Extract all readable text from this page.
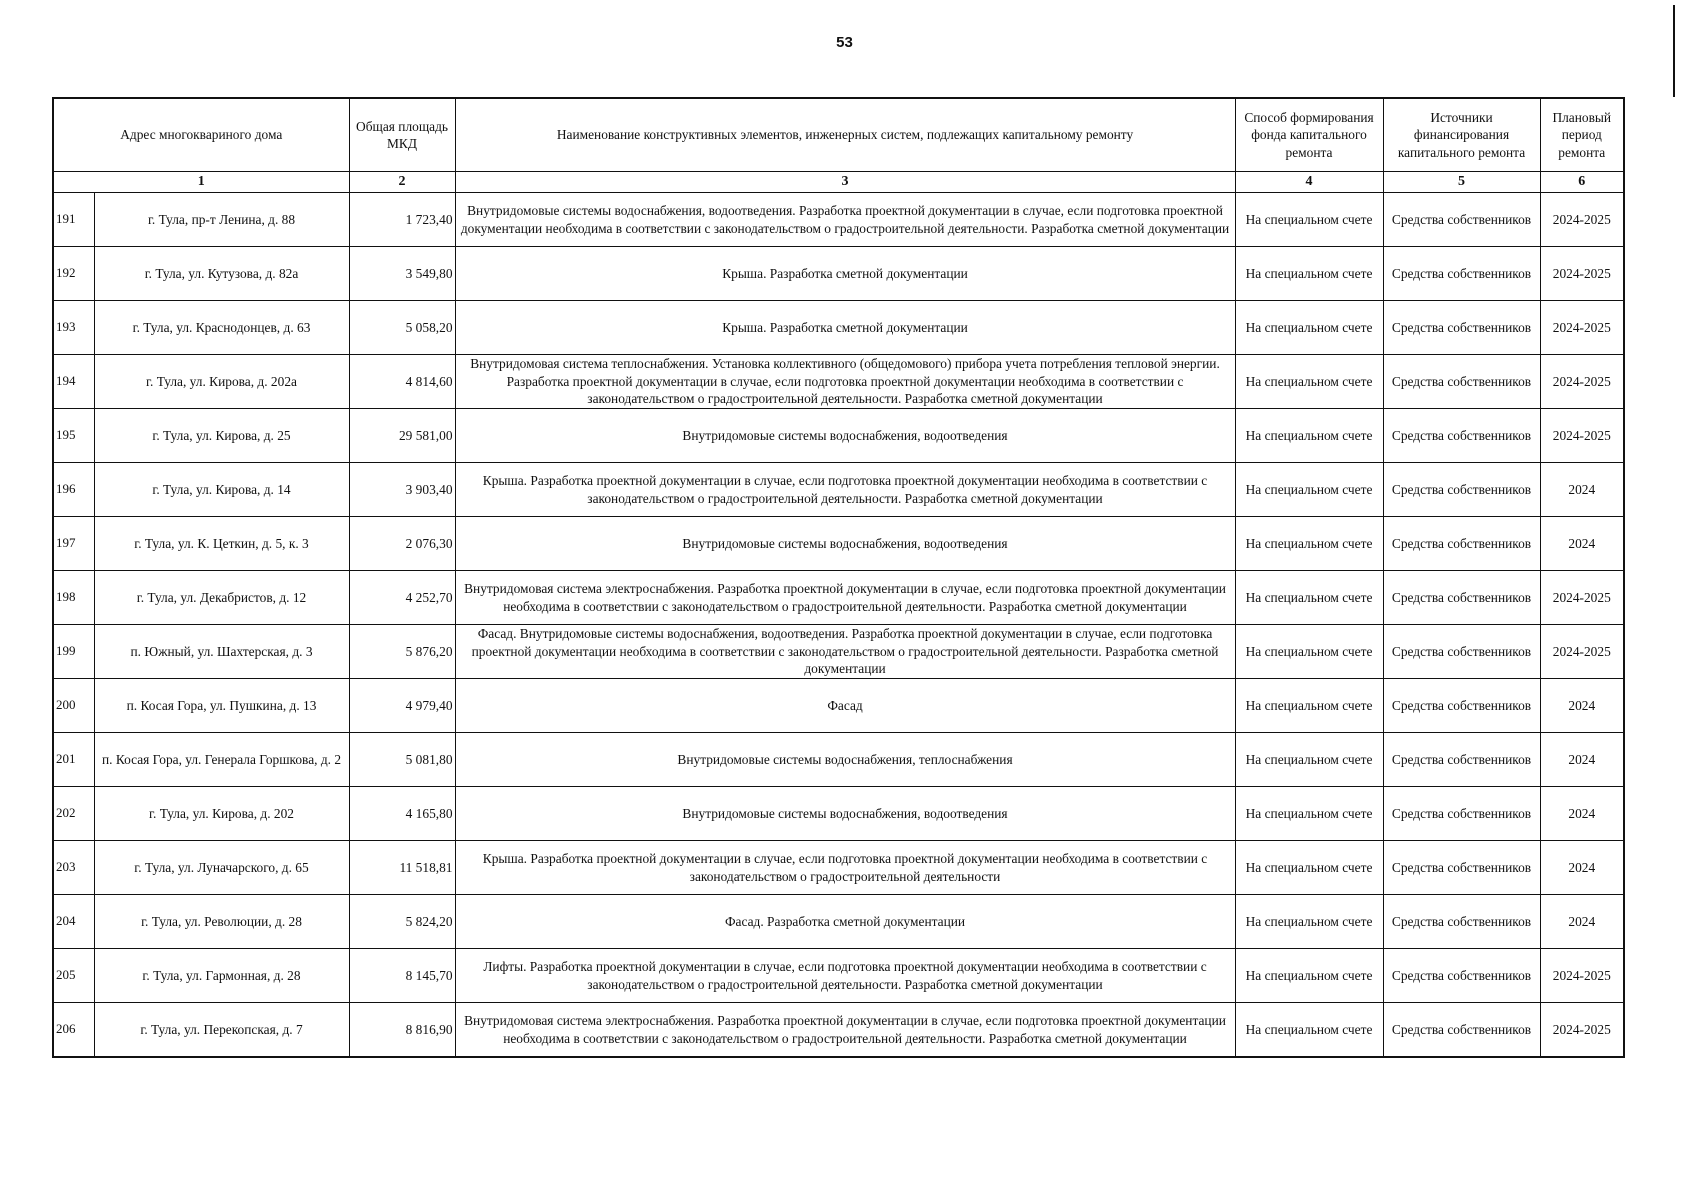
53
Адрес многоквариного дома		Общая площадь МКД	Наименование конструктивных элементов, инженерных систем, подлежащих капитальному ремонту	Способ формирования фонда капитального ремонта	Источники финансирования капитального ремонта	Плановый период ремонта
1		2	3	4	5	6
191	г. Тула, пр-т Ленина, д. 88	1 723,40	Внутридомовые системы водоснабжения, водоотведения. Разработка проектной документации в случае, если подготовка проектной документации необходима в соответствии с законодательством о градостроительной деятельности. Разработка сметной документации	На специальном счете	Средства собственников	2024-2025
192	г. Тула, ул. Кутузова, д. 82а	3 549,80	Крыша. Разработка сметной документации	На специальном счете	Средства собственников	2024-2025
193	г. Тула, ул. Краснодонцев, д. 63	5 058,20	Крыша. Разработка сметной документации	На специальном счете	Средства собственников	2024-2025
194	г. Тула, ул. Кирова, д. 202а	4 814,60	Внутридомовая система теплоснабжения. Установка коллективного (общедомового) прибора учета потребления тепловой энергии. Разработка проектной документации в случае, если подготовка проектной документации необходима в соответствии с законодательством о градостроительной деятельности. Разработка сметной документации	На специальном счете	Средства собственников	2024-2025
195	г. Тула, ул. Кирова, д. 25	29 581,00	Внутридомовые системы водоснабжения, водоотведения	На специальном счете	Средства собственников	2024-2025
196	г. Тула, ул. Кирова, д. 14	3 903,40	Крыша. Разработка проектной документации в случае, если подготовка проектной документации необходима в соответствии с законодательством о градостроительной деятельности. Разработка сметной документации	На специальном счете	Средства собственников	2024
197	г. Тула, ул. К. Цеткин, д. 5, к. 3	2 076,30	Внутридомовые системы водоснабжения, водоотведения	На специальном счете	Средства собственников	2024
198	г. Тула, ул. Декабристов, д. 12	4 252,70	Внутридомовая система электроснабжения. Разработка проектной документации в случае, если подготовка проектной документации необходима в соответствии с законодательством о градостроительной деятельности. Разработка сметной документации	На специальном счете	Средства собственников	2024-2025
199	п. Южный, ул. Шахтерская, д. 3	5 876,20	Фасад. Внутридомовые системы водоснабжения, водоотведения. Разработка проектной документации в случае, если подготовка проектной документации необходима в соответствии с законодательством о градостроительной деятельности. Разработка сметной документации	На специальном счете	Средства собственников	2024-2025
200	п. Косая Гора, ул. Пушкина, д. 13	4 979,40	Фасад	На специальном счете	Средства собственников	2024
201	п. Косая Гора, ул. Генерала Горшкова, д. 2	5 081,80	Внутридомовые системы водоснабжения, теплоснабжения	На специальном счете	Средства собственников	2024
202	г. Тула, ул. Кирова, д. 202	4 165,80	Внутридомовые системы водоснабжения, водоотведения	На специальном счете	Средства собственников	2024
203	г. Тула, ул. Луначарского, д. 65	11 518,81	Крыша. Разработка проектной документации в случае, если подготовка проектной документации необходима в соответствии с законодательством о градостроительной деятельности	На специальном счете	Средства собственников	2024
204	г. Тула, ул. Революции, д. 28	5 824,20	Фасад. Разработка сметной документации	На специальном счете	Средства собственников	2024
205	г. Тула, ул. Гармонная, д. 28	8 145,70	Лифты. Разработка проектной документации в случае, если подготовка проектной документации необходима в соответствии с законодательством о градостроительной деятельности. Разработка сметной документации	На специальном счете	Средства собственников	2024-2025
206	г. Тула, ул. Перекопская, д. 7	8 816,90	Внутридомовая система электроснабжения. Разработка проектной документации в случае, если подготовка проектной документации необходима в соответствии с законодательством о градостроительной деятельности. Разработка сметной документации	На специальном счете	Средства собственников	2024-2025
